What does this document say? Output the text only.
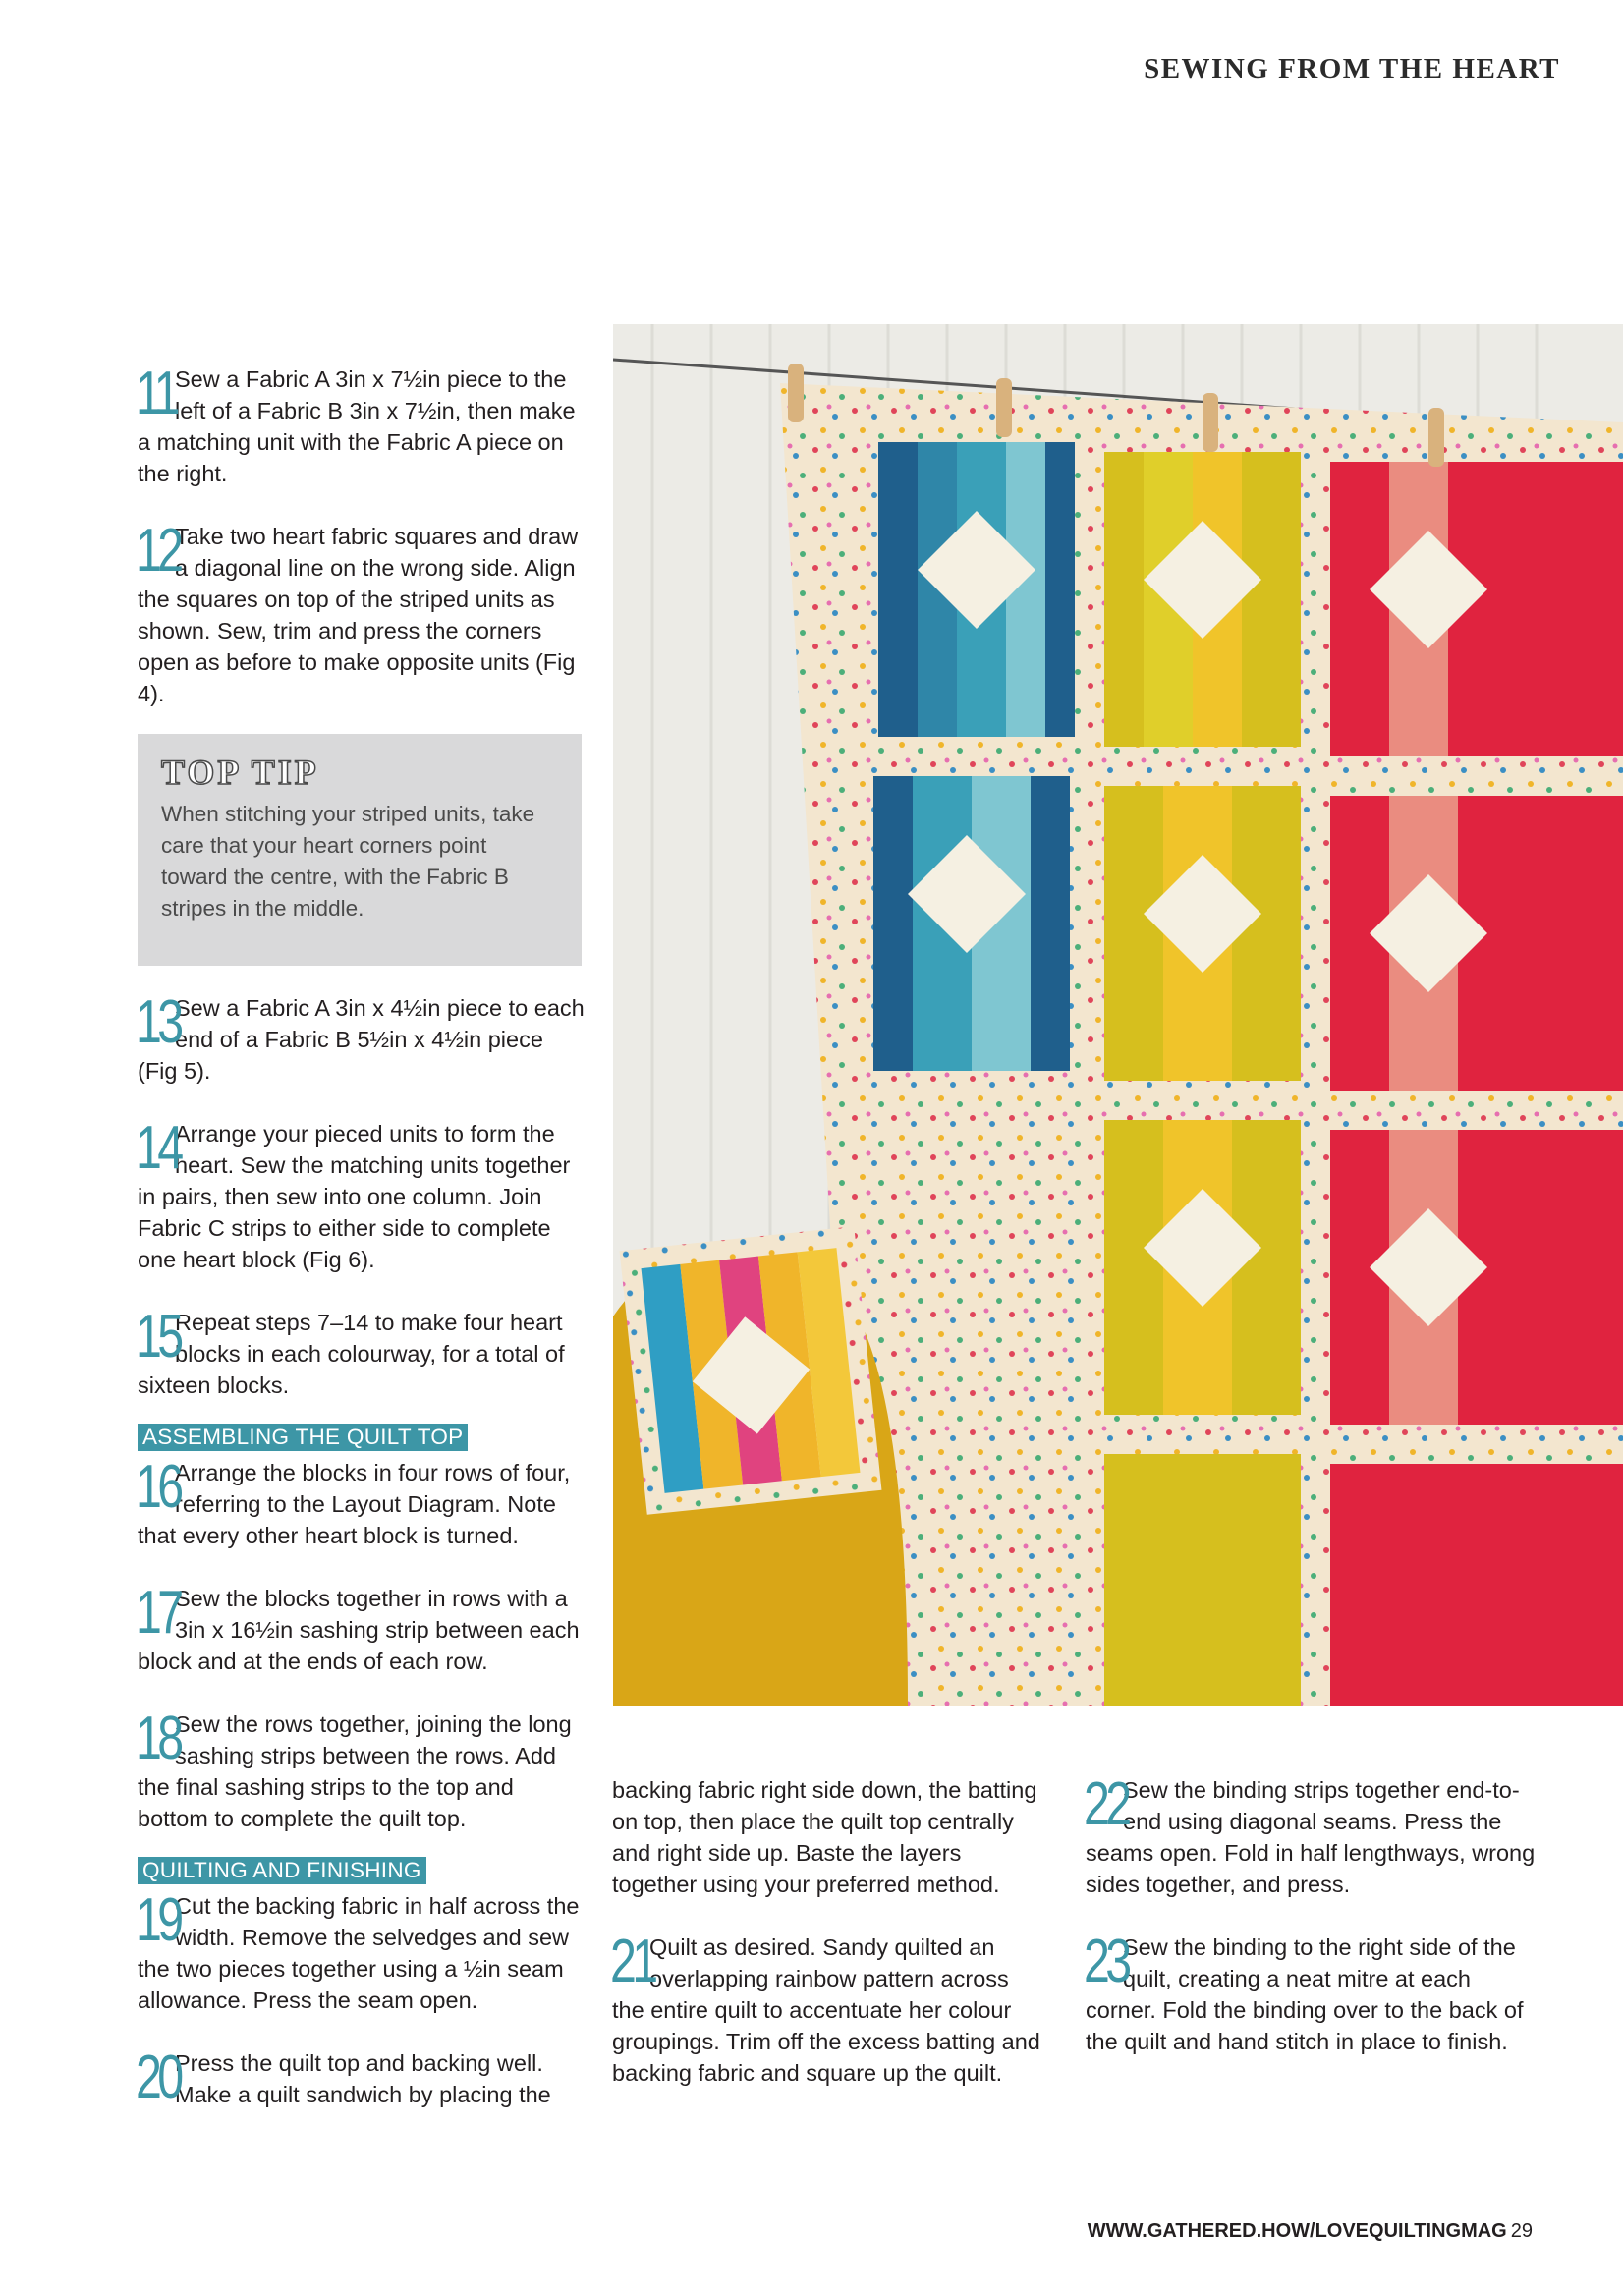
SEWING FROM THE HEART
11 Sew a Fabric A 3in x 7½in piece to the left of a Fabric B 3in x 7½in, then make a matching unit with the Fabric A piece on the right.

12

Take two heart fabric squares and draw a diagonal line on the wrong side. Align the squares on top of the striped units as shown. Sew, trim and press the corners open as before to make opposite units (Fig 4).

TOP TIP
When stitching your striped units, take care that your heart corners point toward the centre, with the Fabric B stripes in the middle.
13

Sew a Fabric A 3in x 4½in piece to each end of a Fabric B 5½in x 4½in piece (Fig 5).

14

Arrange your pieced units to form the heart. Sew the matching units together in pairs, then sew into one column. Join Fabric C strips to either side to complete one heart block (Fig 6).

15

Repeat steps 7–14 to make four heart blocks in each colourway, for a total of sixteen blocks.

ASSEMBLING THE QUILT TOP
16

Arrange the blocks in four rows of four, referring to the Layout Diagram. Note that every other heart block is turned.

17

Sew the blocks together in rows with a 3in x 16½in sashing strip between each block and at the ends of each row.

18

Sew the rows together, joining the long sashing strips between the rows. Add the final sashing strips to the top and bottom to complete the quilt top.

QUILTING AND FINISHING
19

Cut the backing fabric in half across the width. Remove the selvedges and sew the two pieces together using a ½in seam allowance. Press the seam open.

20

Press the quilt top and backing well. Make a quilt sandwich by placing the

backing fabric right side down, the batting on top, then place the quilt top centrally and right side up. Baste the layers together using your preferred method.

21

Quilt as desired. Sandy quilted an overlapping rainbow pattern across the entire quilt to accentuate her colour groupings. Trim off the excess batting and backing fabric and square up the quilt.

22

Sew the binding strips together end-to-end using diagonal seams. Press the seams open. Fold in half lengthways, wrong sides together, and press.

23

Sew the binding to the right side of the quilt, creating a neat mitre at each corner. Fold the binding over to the back of the quilt and hand stitch in place to finish.

WWW.GATHERED.HOW/LOVEQUILTINGMAG 29
